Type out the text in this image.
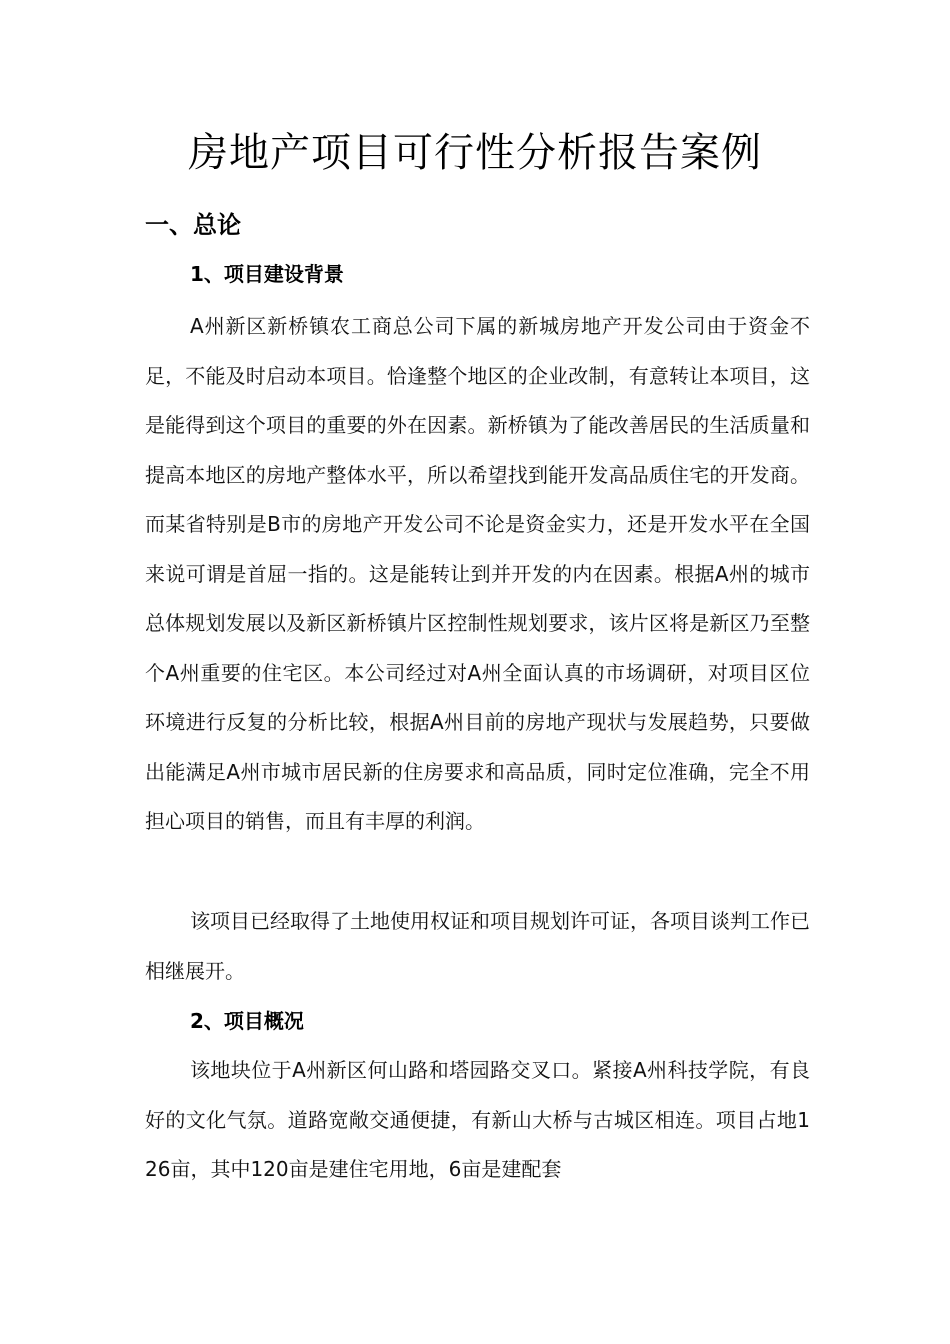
房地产项目可行性分析报告案例
一、总论
1、项目建设背景

A州新区新桥镇农工商总公司下属的新城房地产开发公司由于资金不足，不能及时启动本项目。恰逢整个地区的企业改制，有意转让本项目，这是能得到这个项目的重要的外在因素。新桥镇为了能改善居民的生活质量和提高本地区的房地产整体水平，所以希望找到能开发高品质住宅的开发商。而某省特别是B市的房地产开发公司不论是资金实力，还是开发水平在全国来说可谓是首屈一指的。这是能转让到并开发的内在因素。根据A州的城市总体规划发展以及新区新桥镇片区控制性规划要求，该片区将是新区乃至整个A州重要的住宅区。本公司经过对A州全面认真的市场调研，对项目区位环境进行反复的分析比较，根据A州目前的房地产现状与发展趋势，只要做出能满足A州市城市居民新的住房要求和高品质，同时定位准确，完全不用担心项目的销售，而且有丰厚的利润。

该项目已经取得了土地使用权证和项目规划许可证，各项目谈判工作已相继展开。

2、项目概况

该地块位于A州新区何山路和塔园路交叉口。紧接A州科技学院，有良好的文化气氛。道路宽敞交通便捷，有新山大桥与古城区相连。项目占地126亩，其中120亩是建住宅用地，6亩是建配套
